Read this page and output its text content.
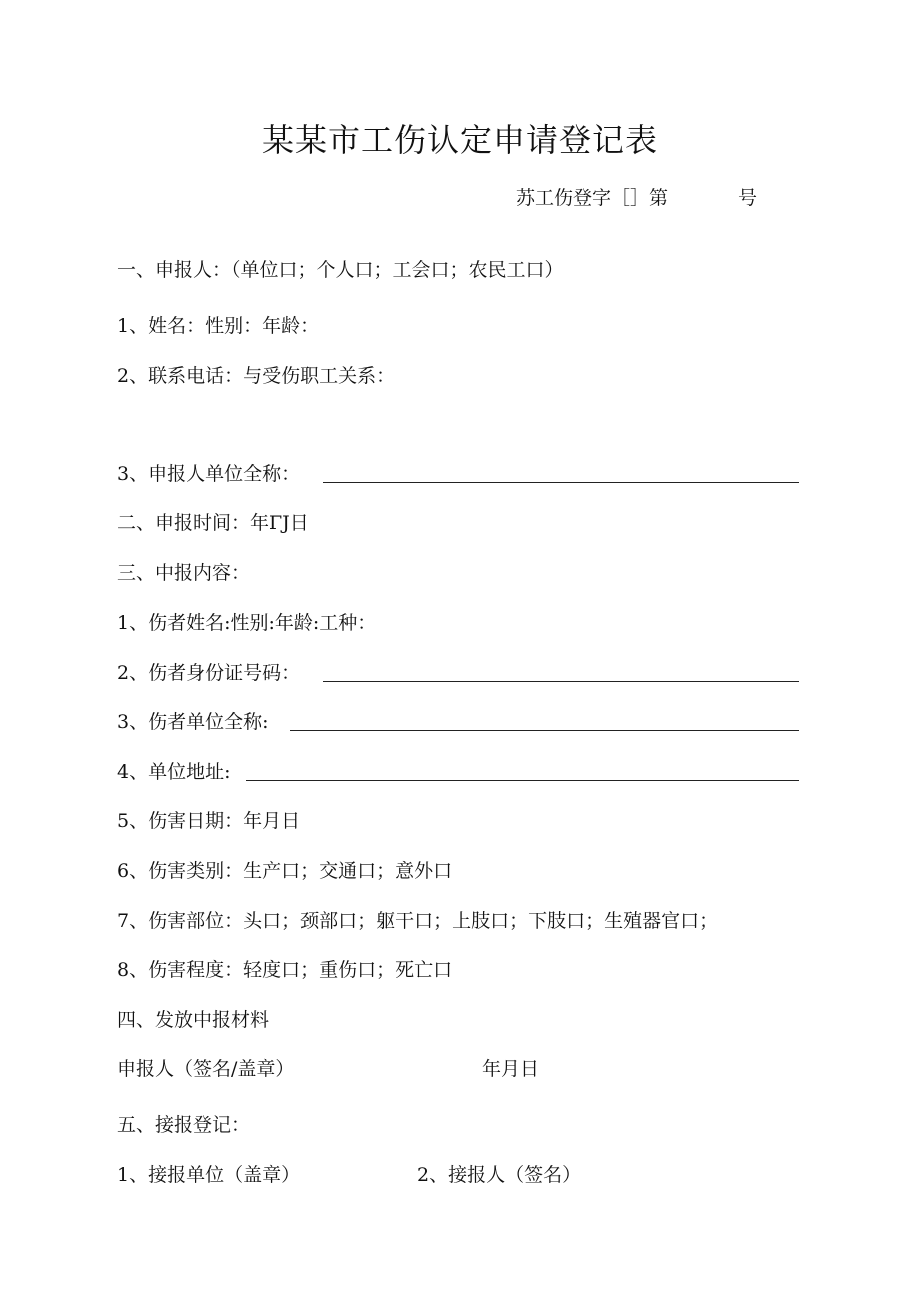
某某市工伤认定申请登记表
苏工伤登字［］第	号
一、申报人：（单位口；个人口；工会口；农民工口）
1、姓名：性别：年龄：
2、联系电话：与受伤职工关系：
3、申报人单位全称：
二、申报时间：年ΓJ日
三、中报内容：
1、伤者姓名:性别:年龄:工种：
2、伤者身份证号码：
3、伤者单位全称:
4、单位地址:
5、伤害日期：年月日
6、伤害类别：生产口；交通口；意外口
7、伤害部位：头口；颈部口；躯干口；上肢口；下肢口；生殖器官口；
8、伤害程度：轻度口；重伤口；死亡口
四、发放中报材料
申报人（签名/盖章）	年月日
五、接报登记：
1、接报单位（盖章）	2、接报人（签名）
